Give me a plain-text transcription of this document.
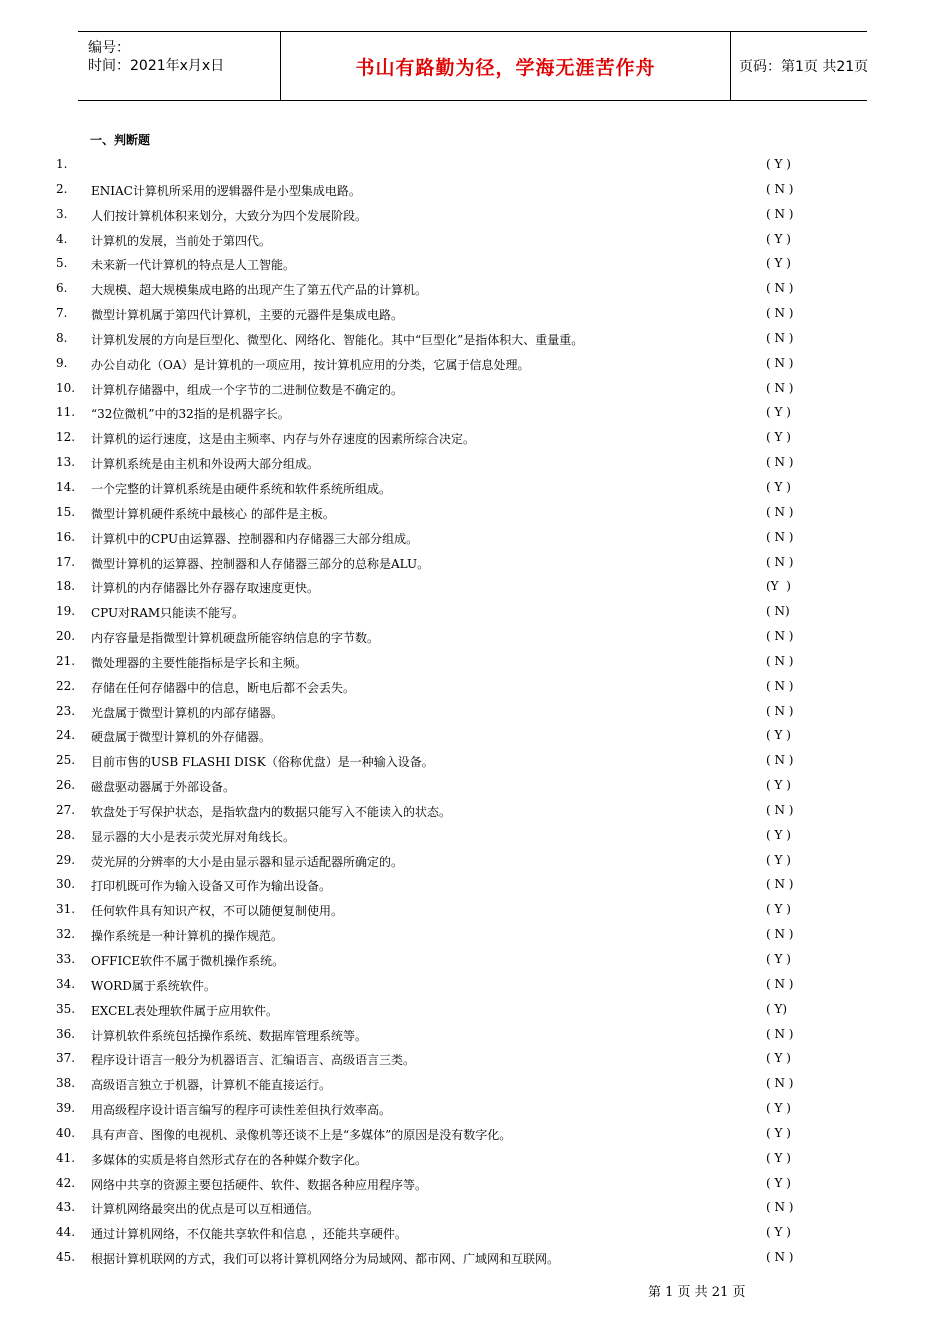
编号：
时间：2021年x月x日	书山有路勤为径，学海无涯苦作舟	页码：第1页 共21页
一、判断题
1.	( Y )
2. ENIAC计算机所采用的逻辑器件是小型集成电路。	( N )
3. 人们按计算机体积来划分，大致分为四个发展阶段。	( N )
4. 计算机的发展，当前处于第四代。	( Y )
5. 未来新一代计算机的特点是人工智能。	( Y )
6. 大规模、超大规模集成电路的出现产生了第五代产品的计算机。	( N )
7. 微型计算机属于第四代计算机，主要的元器件是集成电路。	( N )
8. 计算机发展的方向是巨型化、微型化、网络化、智能化。其中“巨型化”是指体积大、重量重。	( N )
9. 办公自动化（OA）是计算机的一项应用，按计算机应用的分类，它属于信息处理。	( N )
10. 计算机存储器中，组成一个字节的二进制位数是不确定的。	( N )
11. “32位微机”中的32指的是机器字长。	( Y )
12. 计算机的运行速度，这是由主频率、内存与外存速度的因素所综合决定。	( Y )
13. 计算机系统是由主机和外设两大部分组成。	( N )
14. 一个完整的计算机系统是由硬件系统和软件系统所组成。	( Y )
15. 微型计算机硬件系统中最核心 的部件是主板。	( N )
16. 计算机中的CPU由运算器、控制器和内存储器三大部分组成。	( N )
17. 微型计算机的运算器、控制器和人存储器三部分的总称是ALU。	( N )
18. 计算机的内存储器比外存器存取速度更快。	(Y  )
19. CPU对RAM只能读不能写。	( N)
20. 内存容量是指微型计算机硬盘所能容纳信息的字节数。	( N )
21. 微处理器的主要性能指标是字长和主频。	( N )
22. 存储在任何存储器中的信息，断电后都不会丢失。	( N )
23. 光盘属于微型计算机的内部存储器。	( N )
24. 硬盘属于微型计算机的外存储器。	( Y )
25. 目前市售的USB FLASHI DISK（俗称优盘）是一种输入设备。	( N )
26. 磁盘驱动器属于外部设备。	( Y )
27. 软盘处于写保护状态，是指软盘内的数据只能写入不能读入的状态。	( N )
28. 显示器的大小是表示荧光屏对角线长。	( Y )
29. 荧光屏的分辨率的大小是由显示器和显示适配器所确定的。	( Y )
30. 打印机既可作为输入设备又可作为输出设备。	( N )
31. 任何软件具有知识产权，不可以随便复制使用。	( Y )
32. 操作系统是一种计算机的操作规范。	( N )
33. OFFICE软件不属于微机操作系统。	( Y )
34. WORD属于系统软件。	( N )
35. EXCEL表处理软件属于应用软件。	( Y)
36. 计算机软件系统包括操作系统、数据库管理系统等。	( N )
37. 程序设计语言一般分为机器语言、汇编语言、高级语言三类。	( Y )
38. 高级语言独立于机器，计算机不能直接运行。	( N )
39. 用高级程序设计语言编写的程序可读性差但执行效率高。	( Y )
40. 具有声音、图像的电视机、录像机等还谈不上是“多媒体”的原因是没有数字化。	( Y )
41. 多媒体的实质是将自然形式存在的各种媒介数字化。	( Y )
42. 网络中共享的资源主要包括硬件、软件、数据各种应用程序等。	( Y )
43. 计算机网络最突出的优点是可以互相通信。	( N )
44. 通过计算机网络，不仅能共享软件和信息 ，还能共享硬件。	( Y )
45. 根据计算机联网的方式，我们可以将计算机网络分为局域网、都市网、广域网和互联网。	( N )
第 1 页 共 21 页
